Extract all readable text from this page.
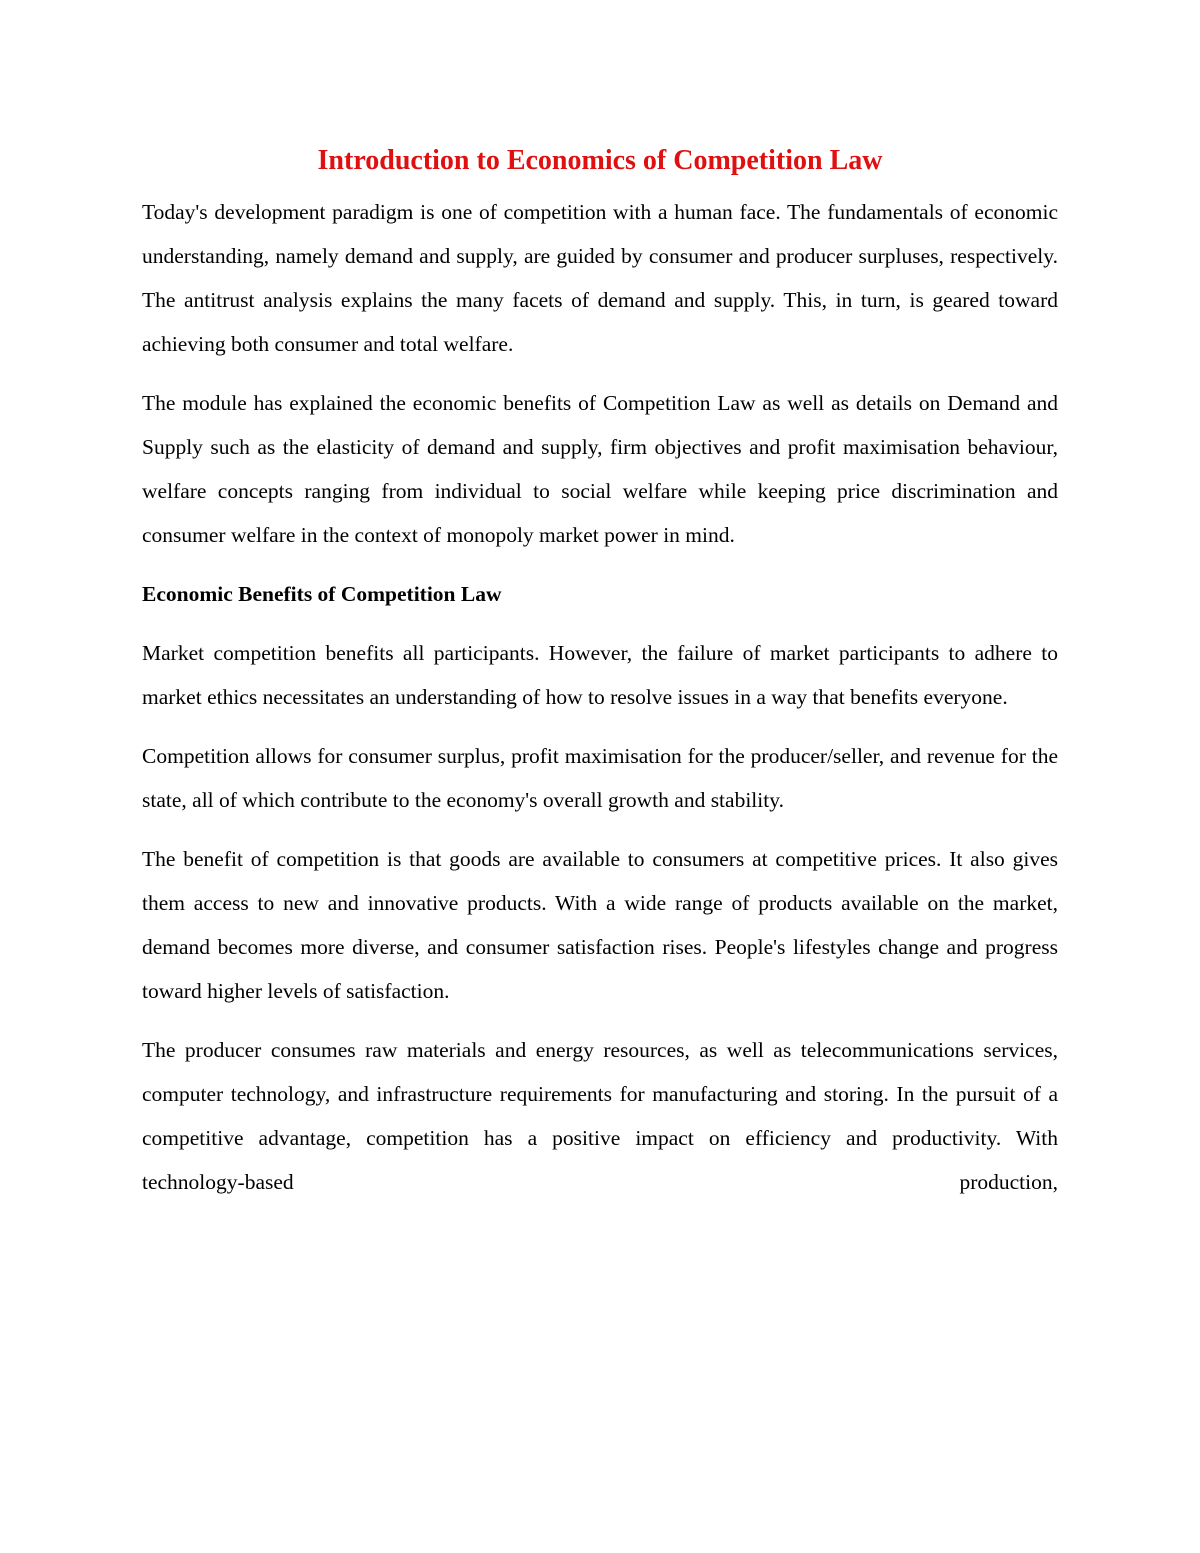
Introduction to Economics of Competition Law

Today's development paradigm is one of competition with a human face. The fundamentals of economic understanding, namely demand and supply, are guided by consumer and producer surpluses, respectively. The antitrust analysis explains the many facets of demand and supply. This, in turn, is geared toward achieving both consumer and total welfare.

The module has explained the economic benefits of Competition Law as well as details on Demand and Supply such as the elasticity of demand and supply, firm objectives and profit maximisation behaviour, welfare concepts ranging from individual to social welfare while keeping price discrimination and consumer welfare in the context of monopoly market power in mind.

Economic Benefits of Competition Law

Market competition benefits all participants. However, the failure of market participants to adhere to market ethics necessitates an understanding of how to resolve issues in a way that benefits everyone.

Competition allows for consumer surplus, profit maximisation for the producer/seller, and revenue for the state, all of which contribute to the economy's overall growth and stability.

The benefit of competition is that goods are available to consumers at competitive prices. It also gives them access to new and innovative products. With a wide range of products available on the market, demand becomes more diverse, and consumer satisfaction rises. People's lifestyles change and progress toward higher levels of satisfaction.

The producer consumes raw materials and energy resources, as well as telecommunications services, computer technology, and infrastructure requirements for manufacturing and storing. In the pursuit of a competitive advantage, competition has a positive impact on efficiency and productivity. With technology-based production,
